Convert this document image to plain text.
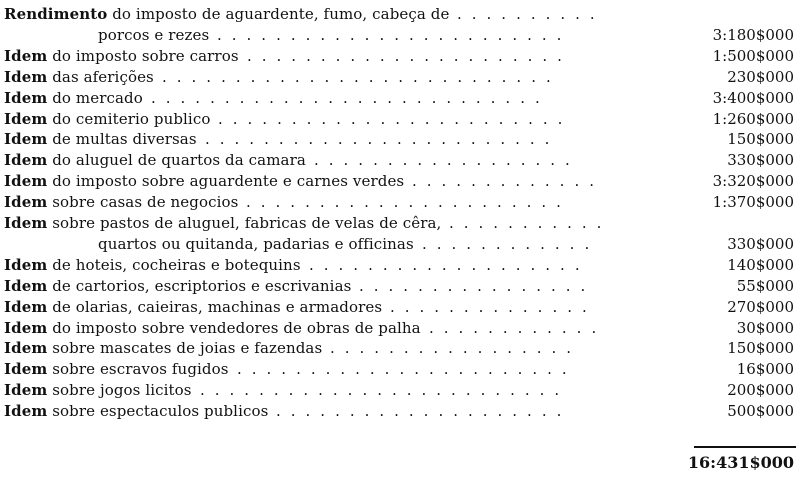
Rendimento do imposto de aguardente, fumo, cabeça de ..........
porcos e rezes	3:180$000
........................
Idem do imposto sobre carros	1:500$000
......................
Idem das aferições	230$000
...........................
Idem do mercado	3:400$000
...........................
Idem do cemiterio publico	1:260$000
........................
Idem de multas diversas	150$000
........................
Idem do aluguel de quartos da camara	330$000
..................
Idem do imposto sobre aguardente e carnes verdes	3:320$000
.............
Idem sobre casas de negocios	1:370$000
......................
Idem sobre pastos de aluguel, fabricas de velas de cêra, ...........
quartos ou quitanda, padarias e officinas	330$000
............
Idem de hoteis, cocheiras e botequins	140$000
...................
Idem de cartorios, escriptorios e escrivanias	55$000
................
Idem de olarias, caieiras, machinas e armadores	270$000
..............
Idem do imposto sobre vendedores de obras de palha	30$000
............
Idem sobre mascates de joias e fazendas	150$000
.................
Idem sobre escravos fugidos	16$000
.......................
Idem sobre jogos licitos	200$000
.........................
Idem sobre espectaculos publicos	500$000
....................
16:431$000
